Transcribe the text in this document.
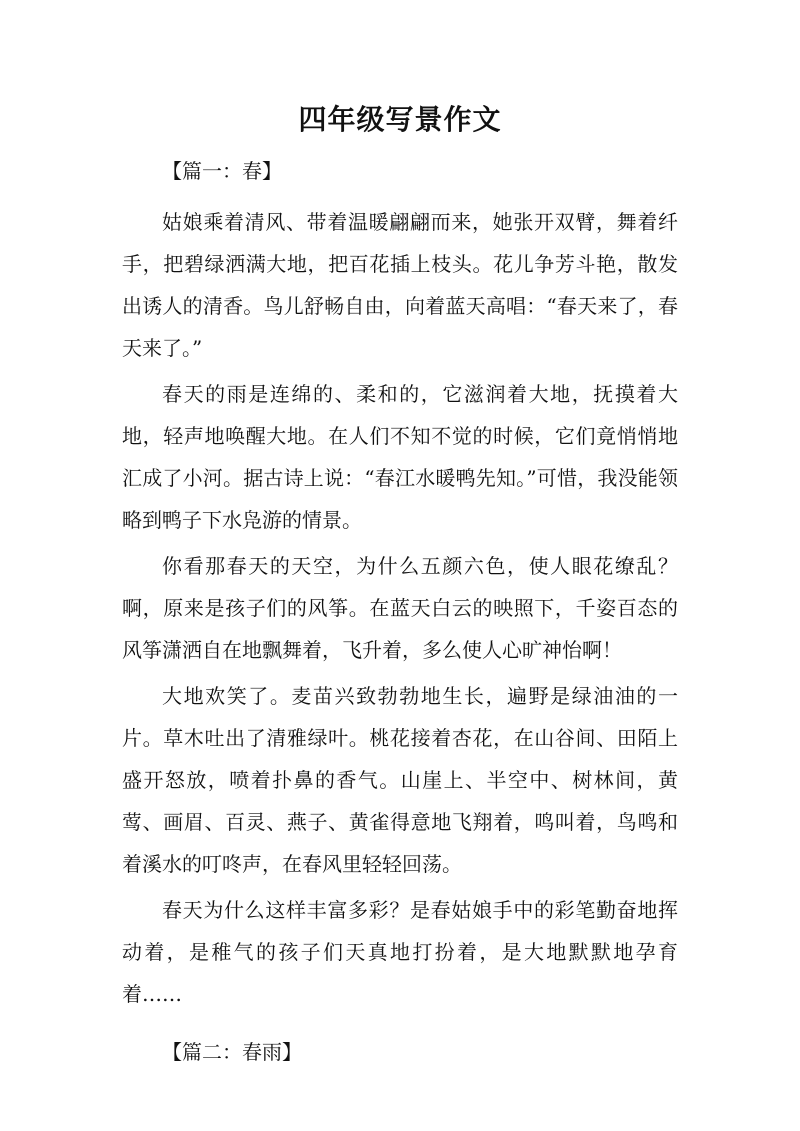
四年级写景作文
【篇一：春】

姑娘乘着清风、带着温暖翩翩而来，她张开双臂，舞着纤手，把碧绿洒满大地，把百花插上枝头。花儿争芳斗艳，散发出诱人的清香。鸟儿舒畅自由，向着蓝天高唱：“春天来了，春天来了。”

春天的雨是连绵的、柔和的，它滋润着大地，抚摸着大地，轻声地唤醒大地。在人们不知不觉的时候，它们竟悄悄地汇成了小河。据古诗上说：“春江水暖鸭先知。”可惜，我没能领略到鸭子下水凫游的情景。

你看那春天的天空，为什么五颜六色，使人眼花缭乱？啊，原来是孩子们的风筝。在蓝天白云的映照下，千姿百态的风筝潇洒自在地飘舞着，飞升着，多么使人心旷神怡啊！

大地欢笑了。麦苗兴致勃勃地生长，遍野是绿油油的一片。草木吐出了清雅绿叶。桃花接着杏花，在山谷间、田陌上盛开怒放，喷着扑鼻的香气。山崖上、半空中、树林间，黄莺、画眉、百灵、燕子、黄雀得意地飞翔着，鸣叫着，鸟鸣和着溪水的叮咚声，在春风里轻轻回荡。

春天为什么这样丰富多彩？是春姑娘手中的彩笔勤奋地挥动着，是稚气的孩子们天真地打扮着，是大地默默地孕育着……

【篇二：春雨】
